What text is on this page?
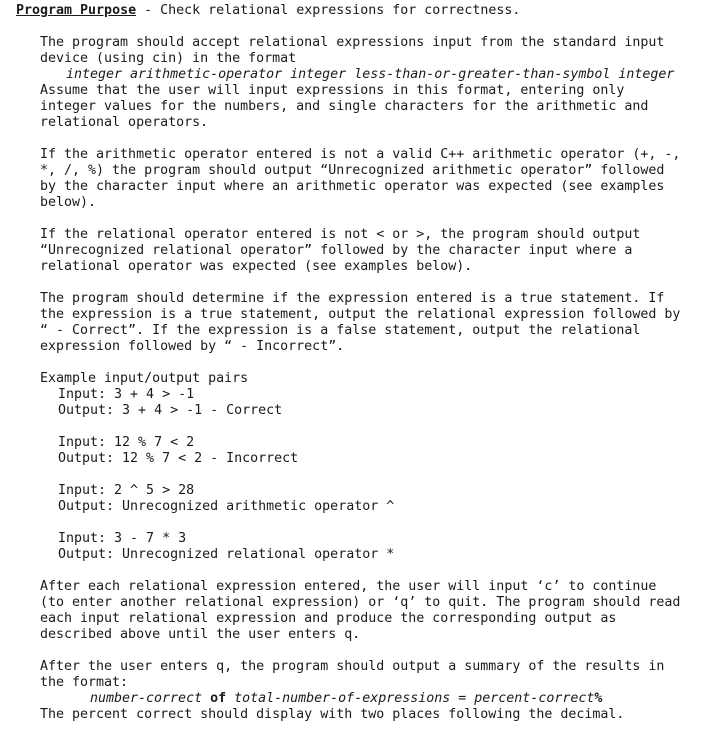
Program Purpose - Check relational expressions for correctness.
The program should accept relational expressions input from the standard input
device (using cin) in the format
integer arithmetic-operator integer less-than-or-greater-than-symbol integer
Assume that the user will input expressions in this format, entering only
integer values for the numbers, and single characters for the arithmetic and
relational operators.
If the arithmetic operator entered is not a valid C++ arithmetic operator (+, -,
*, /, %) the program should output “Unrecognized arithmetic operator” followed
by the character input where an arithmetic operator was expected (see examples
below).
If the relational operator entered is not < or >, the program should output
“Unrecognized relational operator” followed by the character input where a
relational operator was expected (see examples below).
The program should determine if the expression entered is a true statement. If
the expression is a true statement, output the relational expression followed by
“ - Correct”. If the expression is a false statement, output the relational
expression followed by “ - Incorrect”.
Example input/output pairs
Input: 3 + 4 > -1
Output: 3 + 4 > -1 - Correct
Input: 12 % 7 < 2
Output: 12 % 7 < 2 - Incorrect
Input: 2 ^ 5 > 28
Output: Unrecognized arithmetic operator ^
Input: 3 - 7 * 3
Output: Unrecognized relational operator *
After each relational expression entered, the user will input ‘c’ to continue
(to enter another relational expression) or ‘q’ to quit. The program should read
each input relational expression and produce the corresponding output as
described above until the user enters q.
After the user enters q, the program should output a summary of the results in
the format:
number-correct of total-number-of-expressions = percent-correct%
The percent correct should display with two places following the decimal.
